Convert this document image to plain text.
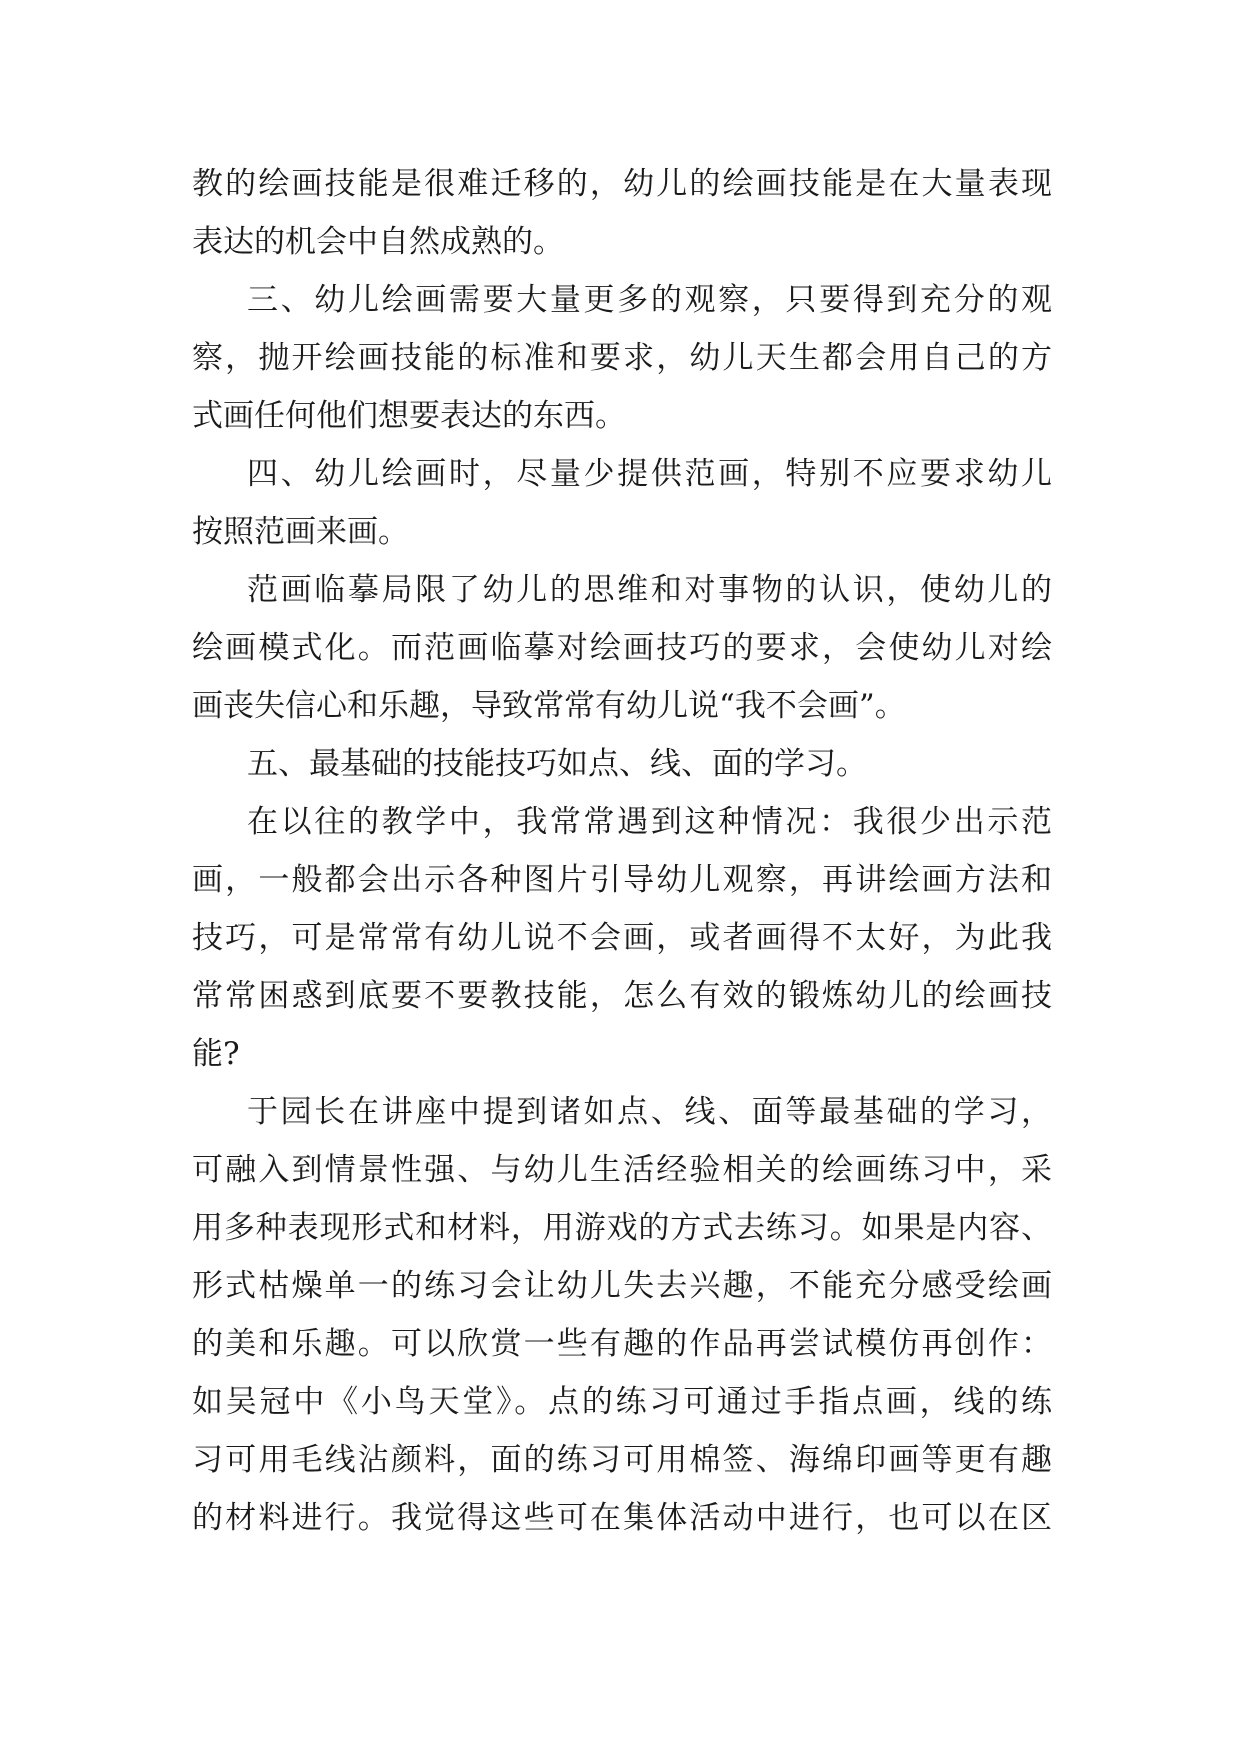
教的绘画技能是很难迁移的，幼儿的绘画技能是在大量表现
表达的机会中自然成熟的。
三、幼儿绘画需要大量更多的观察，只要得到充分的观
察，抛开绘画技能的标准和要求，幼儿天生都会用自己的方
式画任何他们想要表达的东西。
四、幼儿绘画时，尽量少提供范画，特别不应要求幼儿
按照范画来画。
范画临摹局限了幼儿的思维和对事物的认识，使幼儿的
绘画模式化。而范画临摹对绘画技巧的要求，会使幼儿对绘
画丧失信心和乐趣，导致常常有幼儿说“我不会画”。
五、最基础的技能技巧如点、线、面的学习。
在以往的教学中，我常常遇到这种情况：我很少出示范
画，一般都会出示各种图片引导幼儿观察，再讲绘画方法和
技巧，可是常常有幼儿说不会画，或者画得不太好，为此我
常常困惑到底要不要教技能，怎么有效的锻炼幼儿的绘画技
能?
于园长在讲座中提到诸如点、线、面等最基础的学习，
可融入到情景性强、与幼儿生活经验相关的绘画练习中，采
用多种表现形式和材料，用游戏的方式去练习。如果是内容、
形式枯燥单一的练习会让幼儿失去兴趣，不能充分感受绘画
的美和乐趣。可以欣赏一些有趣的作品再尝试模仿再创作：
如吴冠中《小鸟天堂》。点的练习可通过手指点画，线的练
习可用毛线沾颜料，面的练习可用棉签、海绵印画等更有趣
的材料进行。我觉得这些可在集体活动中进行，也可以在区
